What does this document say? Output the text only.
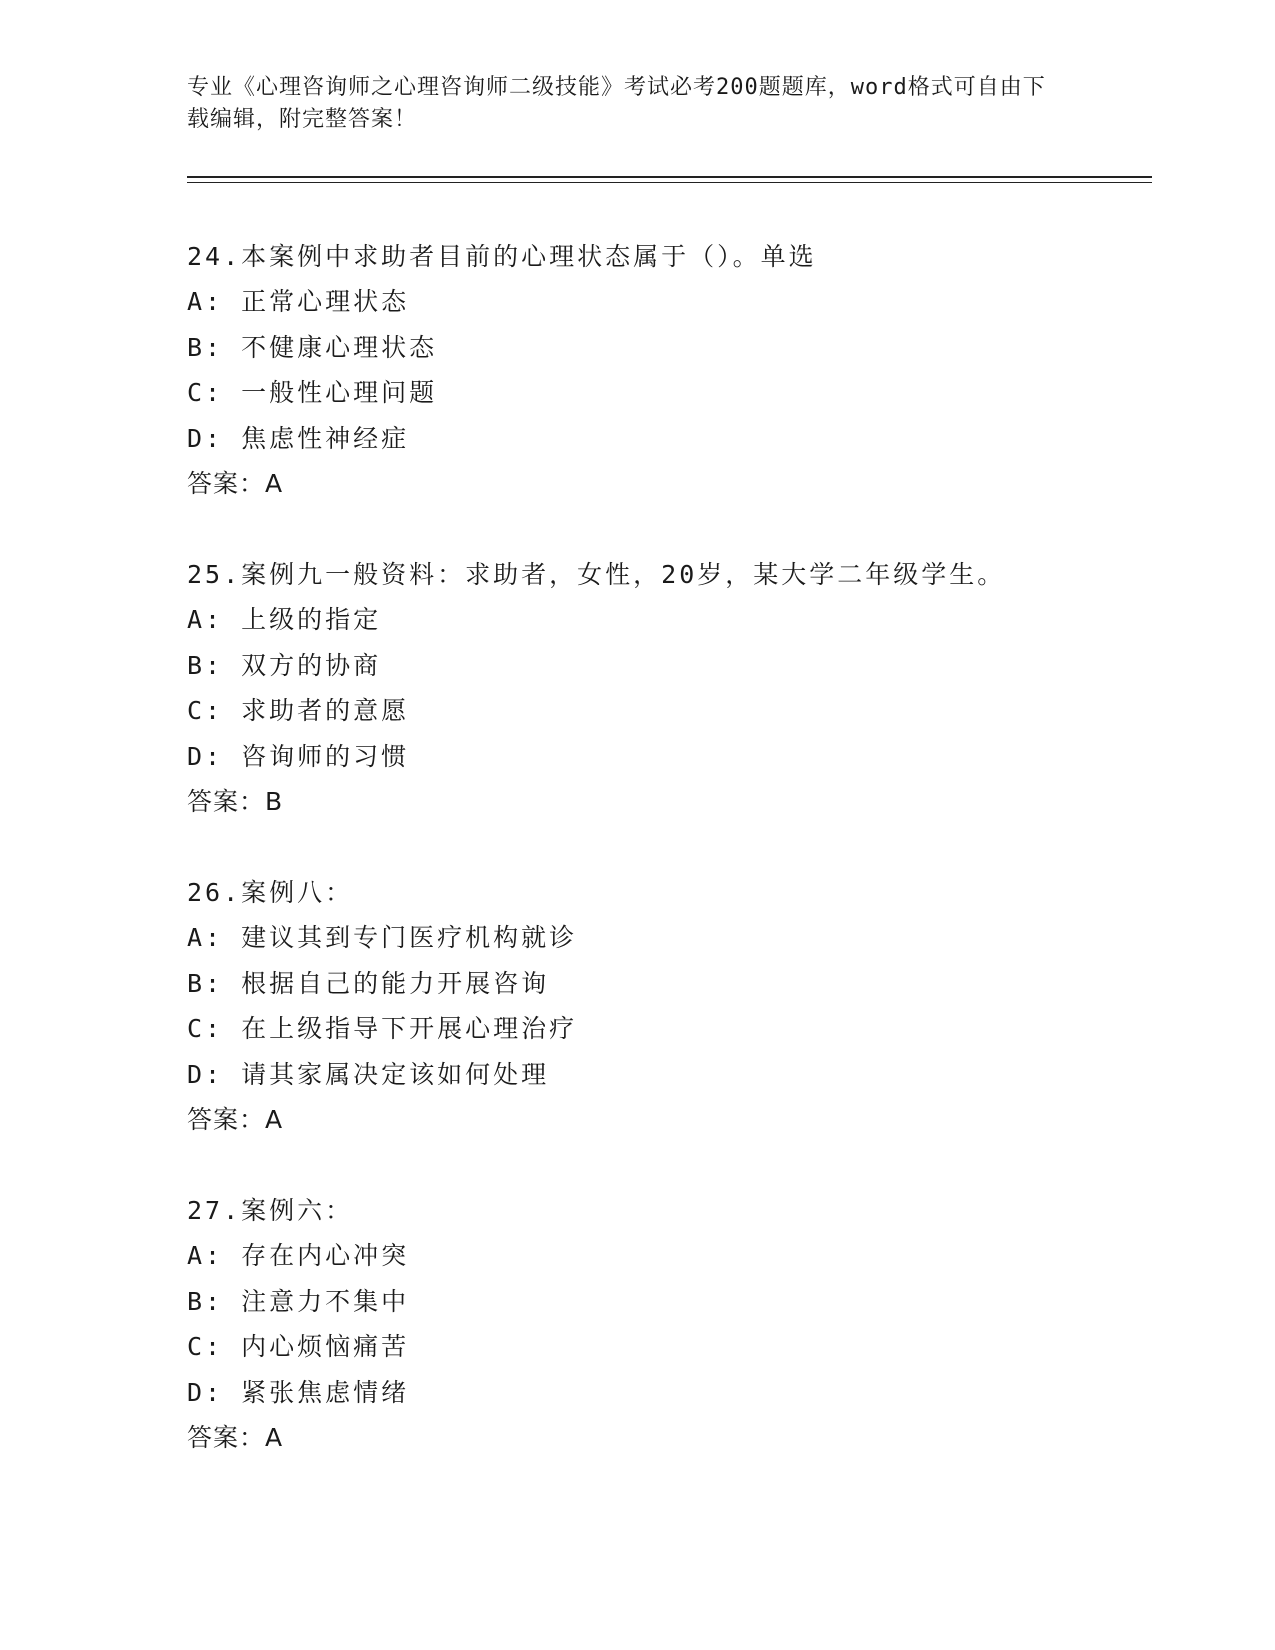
专业《心理咨询师之心理咨询师二级技能》考试必考200题题库，word格式可自由下载编辑，附完整答案！
24.本案例中求助者目前的心理状态属于（）。单选
A: 正常心理状态
B: 不健康心理状态
C: 一般性心理问题
D: 焦虑性神经症
答案：A
25.案例九一般资料：求助者，女性，20岁，某大学二年级学生。
A: 上级的指定
B: 双方的协商
C: 求助者的意愿
D: 咨询师的习惯
答案：B
26.案例八：
A: 建议其到专门医疗机构就诊
B: 根据自己的能力开展咨询
C: 在上级指导下开展心理治疗
D: 请其家属决定该如何处理
答案：A
27.案例六：
A: 存在内心冲突
B: 注意力不集中
C: 内心烦恼痛苦
D: 紧张焦虑情绪
答案：A
